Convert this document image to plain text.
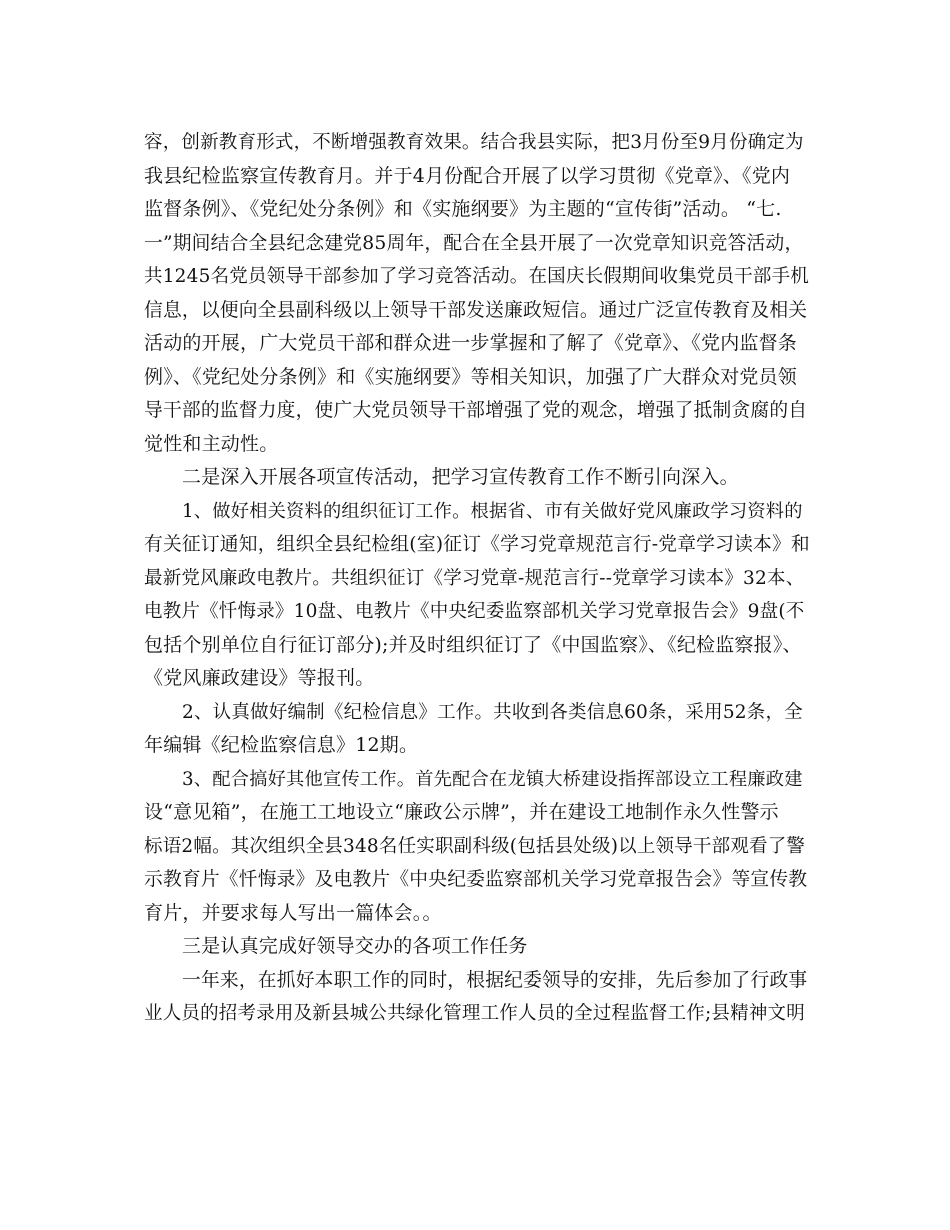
容，创新教育形式，不断增强教育效果。结合我县实际，把3月份至9月份确定为
我县纪检监察宣传教育月。并于4月份配合开展了以学习贯彻《党章》、《党内
监督条例》、《党纪处分条例》和《实施纲要》为主题的“宣传街”活动。 “七.
一”期间结合全县纪念建党85周年，配合在全县开展了一次党章知识竞答活动，
共1245名党员领导干部参加了学习竞答活动。在国庆长假期间收集党员干部手机
信息，以便向全县副科级以上领导干部发送廉政短信。通过广泛宣传教育及相关
活动的开展，广大党员干部和群众进一步掌握和了解了《党章》、《党内监督条
例》、《党纪处分条例》和《实施纲要》等相关知识，加强了广大群众对党员领
导干部的监督力度，使广大党员领导干部增强了党的观念，增强了抵制贪腐的自
觉性和主动性。
二是深入开展各项宣传活动，把学习宣传教育工作不断引向深入。
1、做好相关资料的组织征订工作。根据省、市有关做好党风廉政学习资料的
有关征订通知，组织全县纪检组(室)征订《学习党章规范言行-党章学习读本》和
最新党风廉政电教片。共组织征订《学习党章-规范言行--党章学习读本》32本、
电教片《忏悔录》10盘、电教片《中央纪委监察部机关学习党章报告会》9盘(不
包括个别单位自行征订部分);并及时组织征订了《中国监察》、《纪检监察报》、
《党风廉政建设》等报刊。
2、认真做好编制《纪检信息》工作。共收到各类信息60条，采用52条，全
年编辑《纪检监察信息》12期。
3、配合搞好其他宣传工作。首先配合在龙镇大桥建设指挥部设立工程廉政建
设“意见箱”，在施工工地设立“廉政公示牌”，并在建设工地制作永久性警示
标语2幅。其次组织全县348名任实职副科级(包括县处级)以上领导干部观看了警
示教育片《忏悔录》及电教片《中央纪委监察部机关学习党章报告会》等宣传教
育片，并要求每人写出一篇体会。。
三是认真完成好领导交办的各项工作任务
一年来，在抓好本职工作的同时，根据纪委领导的安排，先后参加了行政事
业人员的招考录用及新县城公共绿化管理工作人员的全过程监督工作;县精神文明
